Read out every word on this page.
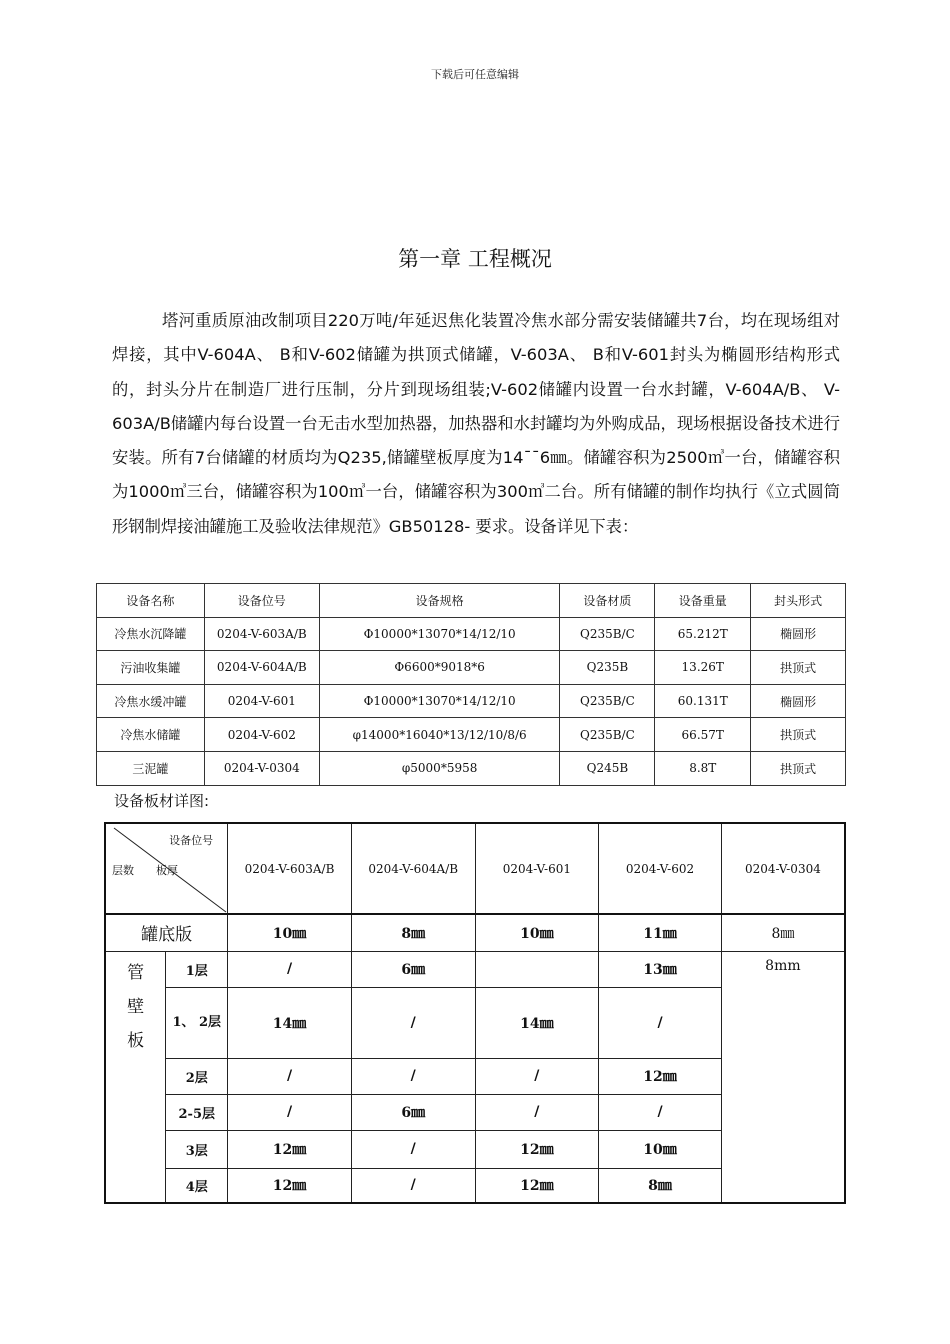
下载后可任意编辑
第一章 工程概况

塔河重质原油改制项目220万吨/年延迟焦化装置冷焦水部分需安装储罐共7台，均在现场组对焊接，其中V-604A、 B和V-602储罐为拱顶式储罐，V-603A、 B和V-601封头为椭圆形结构形式的，封头分片在制造厂进行压制，分片到现场组装;V-602储罐内设置一台水封罐，V-604A/B、 V-603A/B储罐内每台设置一台无击水型加热器，加热器和水封罐均为外购成品，现场根据设备技术进行安装。所有7台储罐的材质均为Q235,储罐壁板厚度为14¯¯6㎜。储罐容积为2500㎥一台，储罐容积为1000㎥三台，储罐容积为100㎥一台，储罐容积为300㎥二台。所有储罐的制作均执行《立式圆筒形钢制焊接油罐施工及验收法律规范》GB50128- 要求。设备详见下表：

设备名称	设备位号	设备规格	设备材质	设备重量	封头形式
冷焦水沉降罐	0204-V-603A/B	Φ10000*13070*14/12/10	Q235B/C	65.212T	椭圆形
污油收集罐	0204-V-604A/B	Φ6600*9018*6	Q235B	13.26T	拱顶式
冷焦水缓冲罐	0204-V-601	Φ10000*13070*14/12/10	Q235B/C	60.131T	椭圆形
冷焦水储罐	0204-V-602	φ14000*16040*13/12/10/8/6	Q235B/C	66.57T	拱顶式
三泥罐	0204-V-0304	φ5000*5958	Q245B	8.8T	拱顶式
设备板材详图:
设备位号
层数 板厚		0204-V-603A/B	0204-V-604A/B	0204-V-601	0204-V-602	0204-V-0304
罐底版		10㎜	8㎜	10㎜	11㎜	8㎜
管
壁
板	1层	/	6㎜		13㎜	8mm
	1、 2层	14㎜	/	14㎜	/	
	2层	/	/	/	12㎜	
	2-5层	/	6㎜	/	/	
	3层	12㎜	/	12㎜	10㎜	
	4层	12㎜	/	12㎜	8㎜	
